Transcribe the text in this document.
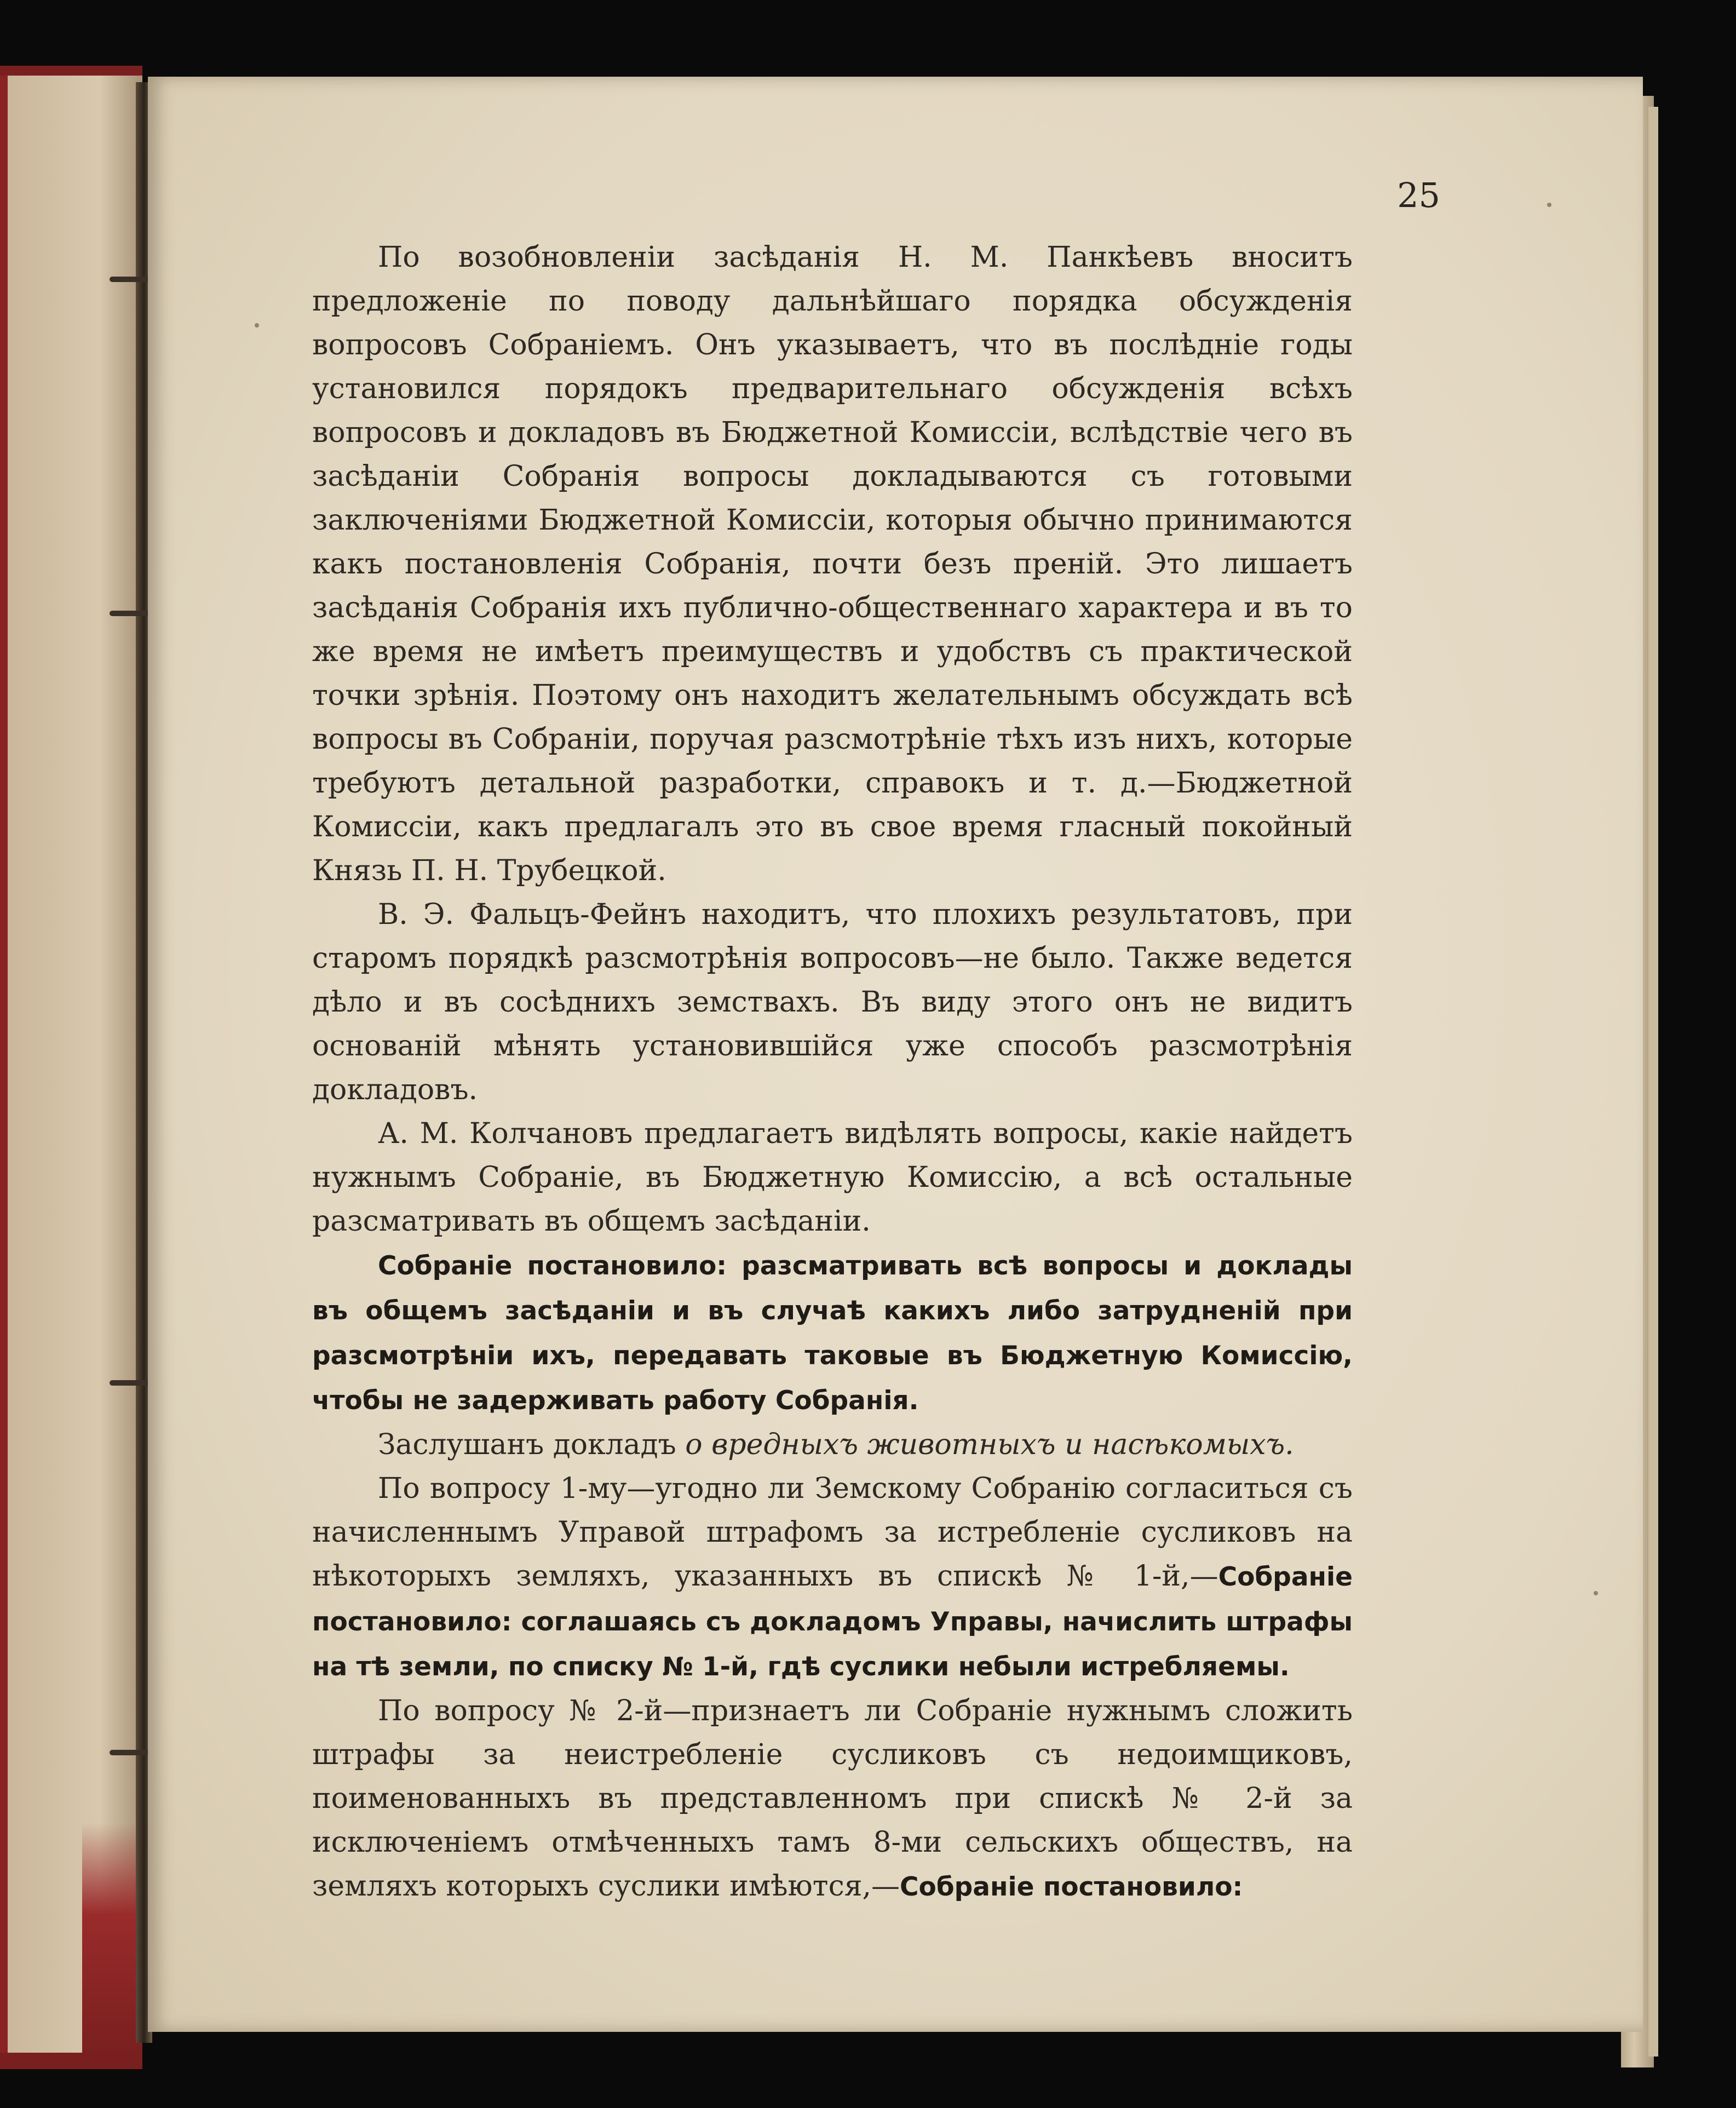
25

По возобновленіи засѣданія Н. М. Панкѣевъ вноситъ предложеніе по поводу дальнѣйшаго порядка обсужденія вопросовъ Собраніемъ. Онъ указываетъ, что въ послѣдніе годы установился порядокъ предварительнаго обсужденія всѣхъ вопросовъ и докладовъ въ Бюджетной Комиссіи, вслѣдствіе чего въ засѣданіи Собранія вопросы докладываются съ готовыми заключеніями Бюджетной Комиссіи, которыя обычно принимаются какъ постановленія Собранія, почти безъ преній. Это лишаетъ засѣданія Собранія ихъ публично-общественнаго характера и въ то же время не имѣетъ преимуществъ и удобствъ съ практической точки зрѣнія. Поэтому онъ находитъ желательнымъ обсуждать всѣ вопросы въ Собраніи, поручая разсмотрѣніе тѣхъ изъ нихъ, которые требуютъ детальной разработки, справокъ и т. д.—Бюджетной Комиссіи, какъ предлагалъ это въ свое время гласный покойный Князь П. Н. Трубецкой.

В. Э. Фальцъ-Фейнъ находитъ, что плохихъ результатовъ, при старомъ порядкѣ разсмотрѣнія вопросовъ—не было. Также ведется дѣло и въ сосѣднихъ земствахъ. Въ виду этого онъ не видитъ основаній мѣнять установившійся уже способъ разсмотрѣнія докладовъ.

А. М. Колчановъ предлагаетъ видѣлять вопросы, какіе найдетъ нужнымъ Собраніе, въ Бюджетную Комиссію, а всѣ остальные разсматривать въ общемъ засѣданіи.

Собраніе постановило: разсматривать всѣ вопросы и доклады въ общемъ засѣданіи и въ случаѣ какихъ либо затрудненій при разсмотрѣніи ихъ, передавать таковые въ Бюджетную Комиссію, чтобы не задерживать работу Собранія.

Заслушанъ докладъ о вредныхъ животныхъ и насѣкомыхъ.

По вопросу 1-му—угодно ли Земскому Собранію согласиться съ начисленнымъ Управой штрафомъ за истребленіе сусликовъ на нѣкоторыхъ земляхъ, указанныхъ въ спискѣ № 1-й,—Собраніе постановило: соглашаясь съ докладомъ Управы, начислить штрафы на тѣ земли, по списку № 1-й, гдѣ суслики небыли истребляемы.

По вопросу № 2-й—признаетъ ли Собраніе нужнымъ сложить штрафы за неистребленіе сусликовъ съ недоимщиковъ, поименованныхъ въ представленномъ при спискѣ № 2-й за исключеніемъ отмѣченныхъ тамъ 8-ми сельскихъ обществъ, на земляхъ которыхъ суслики имѣются,—Собраніе постановило:
